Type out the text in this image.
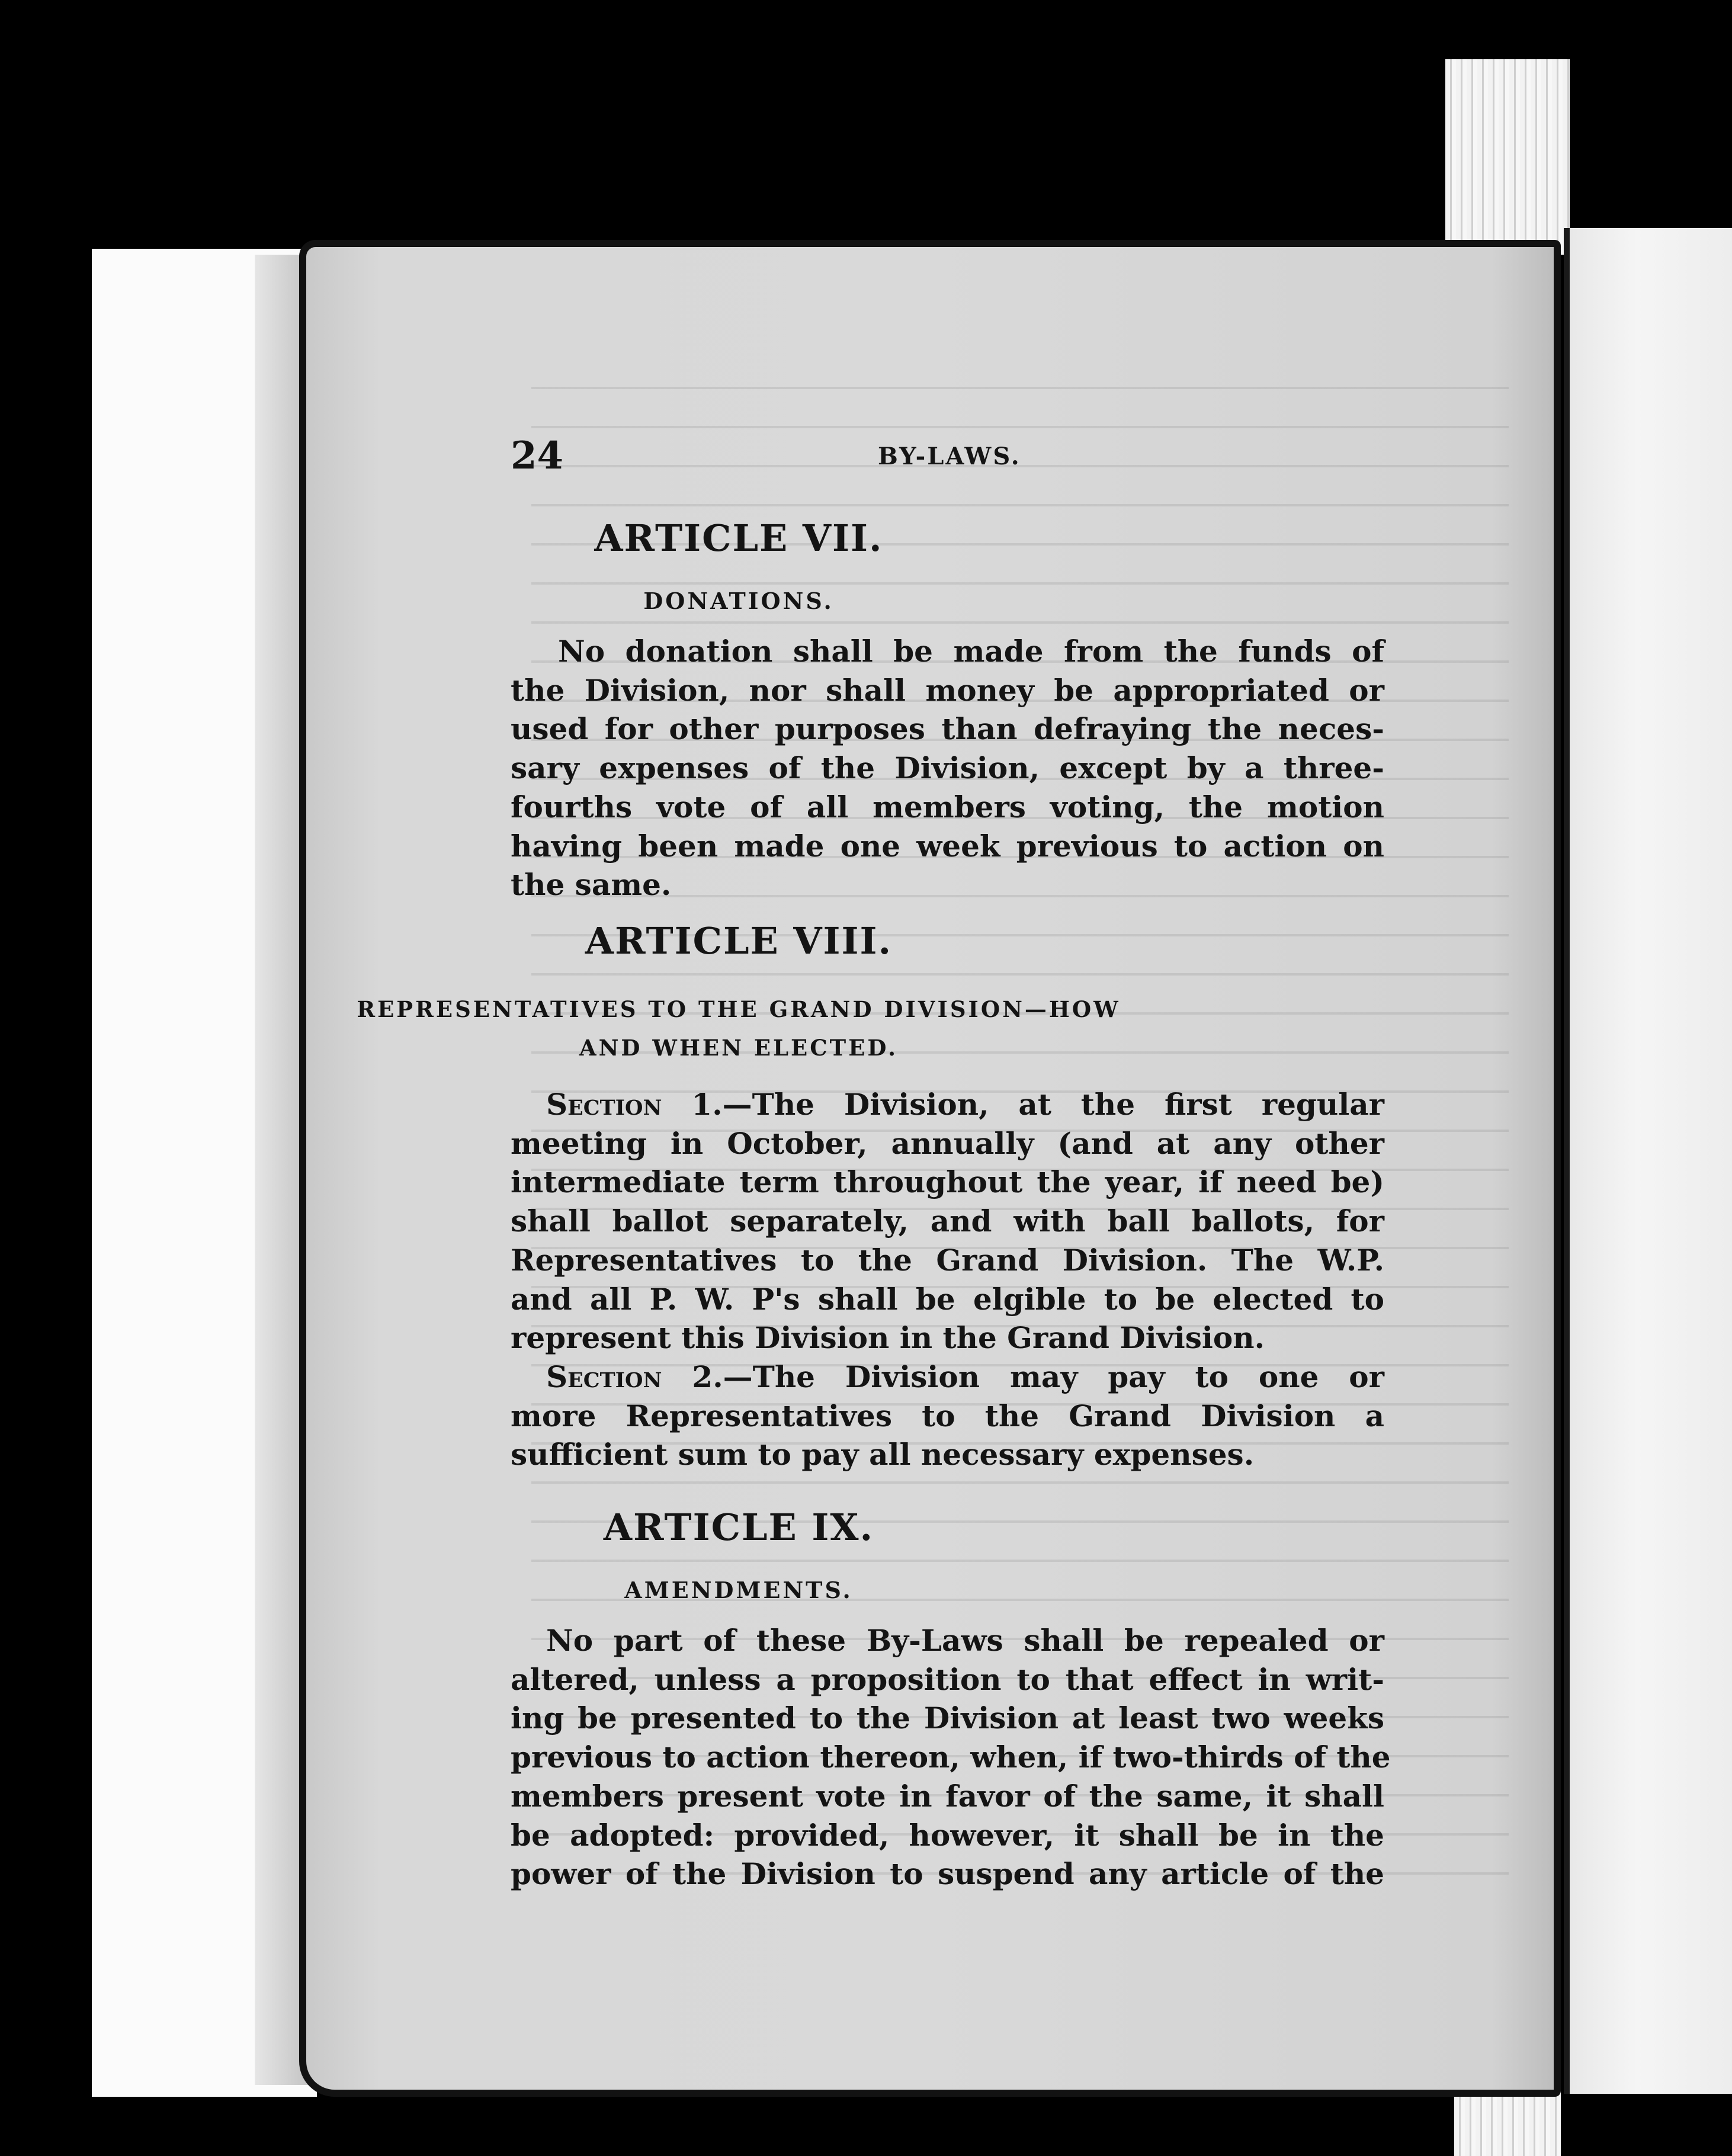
24	BY-LAWS.
ARTICLE VII.
DONATIONS.
No donation shall be made from the funds of
the Division, nor shall money be appropriated or
used for other purposes than defraying the neces-
sary expenses of the Division, except by a three-
fourths vote of all members voting, the motion
having been made one week previous to action on
the same.
ARTICLE VIII.
REPRESENTATIVES TO THE GRAND DIVISION—HOW
AND WHEN ELECTED.
Section 1.—The Division, at the first regular
meeting in October, annually (and at any other
intermediate term throughout the year, if need be)
shall ballot separately, and with ball ballots, for
Representatives to the Grand Division. The W.P.
and all P. W. P's shall be elgible to be elected to
represent this Division in the Grand Division.
Section 2.—The Division may pay to one or
more Representatives to the Grand Division a
sufficient sum to pay all necessary expenses.
ARTICLE IX.
AMENDMENTS.
No part of these By-Laws shall be repealed or
altered, unless a proposition to that effect in writ-
ing be presented to the Division at least two weeks
previous to action thereon, when, if two-thirds of the
members present vote in favor of the same, it shall
be adopted: provided, however, it shall be in the
power of the Division to suspend any article of the
